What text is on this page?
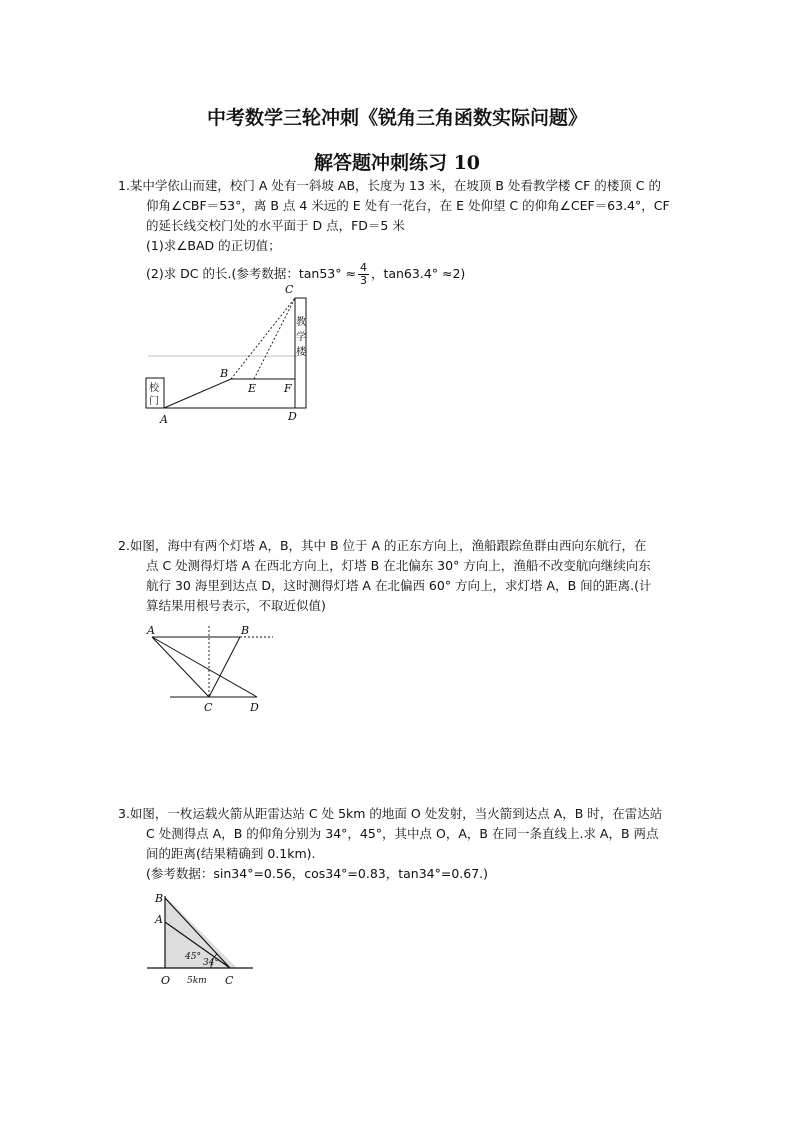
中考数学三轮冲刺《锐角三角函数实际问题》
解答题冲刺练习 10
1.某中学依山而建，校门 A 处有一斜坡 AB，长度为 13 米，在坡顶 B 处看教学楼 CF 的楼顶 C 的
仰角∠CBF＝53°，离 B 点 4 米远的 E 处有一花台，在 E 处仰望 C 的仰角∠CEF＝63.4°，CF
的延长线交校门处的水平面于 D 点，FD＝5 米
(1)求∠BAD 的正切值；
(2)求 DC 的长.(参考数据：$\tan 53^\circ \approx \frac{4}{3}$ ，tan63.4° ≈2)
校
门
教
学
楼
C
B
E	F
A	D
2.如图，海中有两个灯塔 A，B，其中 B 位于 A 的正东方向上，渔船跟踪鱼群由西向东航行，在
点 C 处测得灯塔 A 在西北方向上，灯塔 B 在北偏东 30° 方向上，渔船不改变航向继续向东
航行 30 海里到达点 D，这时测得灯塔 A 在北偏西 60° 方向上，求灯塔 A，B 间的距离.(计
算结果用根号表示，不取近似值)
A	B
C	D
3.如图，一枚运载火箭从距雷达站 C 处 5km 的地面 O 处发射，当火箭到达点 A，B 时，在雷达站
C 处测得点 A，B 的仰角分别为 34°，45°，其中点 O，A，B 在同一条直线上.求 A，B 两点
间的距离(结果精确到 0.1km).
(参考数据：sin34°=0.56，cos34°=0.83，tan34°=0.67.)
B
A
O	C
5km
45°
34°
